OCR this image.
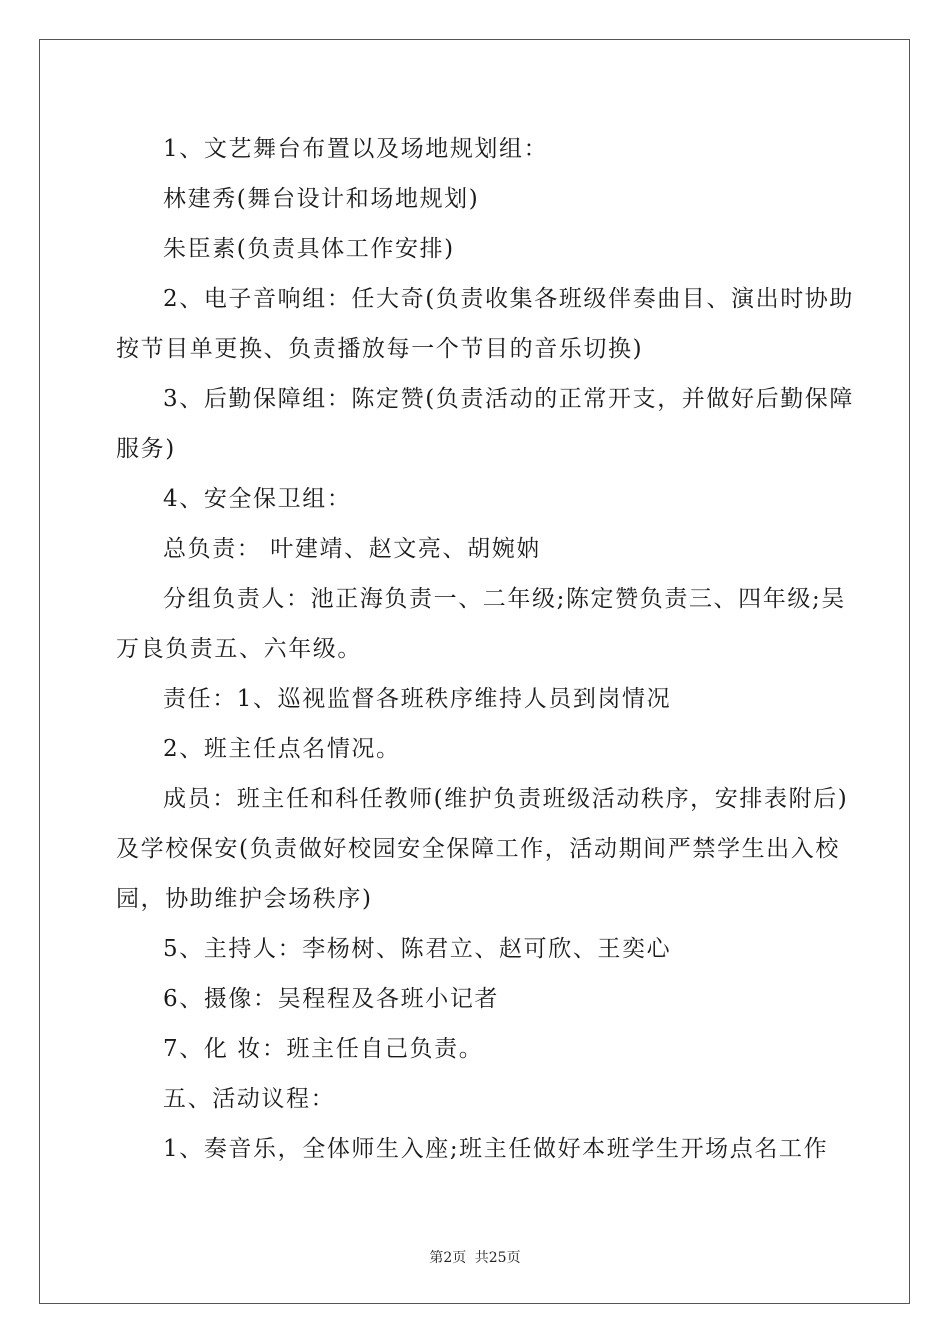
1、文艺舞台布置以及场地规划组：
林建秀(舞台设计和场地规划)
朱臣素(负责具体工作安排)
2、电子音响组：任大奇(负责收集各班级伴奏曲目、演出时协助
按节目单更换、负责播放每一个节目的音乐切换)
3、后勤保障组：陈定赞(负责活动的正常开支，并做好后勤保障
服务)
4、安全保卫组：
总负责： 叶建靖、赵文亮、胡婉妠
分组负责人：池正海负责一、二年级;陈定赞负责三、四年级;吴
万良负责五、六年级。
责任：1、巡视监督各班秩序维持人员到岗情况
2、班主任点名情况。
成员：班主任和科任教师(维护负责班级活动秩序，安排表附后)
及学校保安(负责做好校园安全保障工作，活动期间严禁学生出入校
园，协助维护会场秩序)
5、主持人：李杨树、陈君立、赵可欣、王奕心
6、摄像：吴程程及各班小记者
7、化 妆：班主任自己负责。
五、活动议程：
1、奏音乐，全体师生入座;班主任做好本班学生开场点名工作
第2页 共25页
